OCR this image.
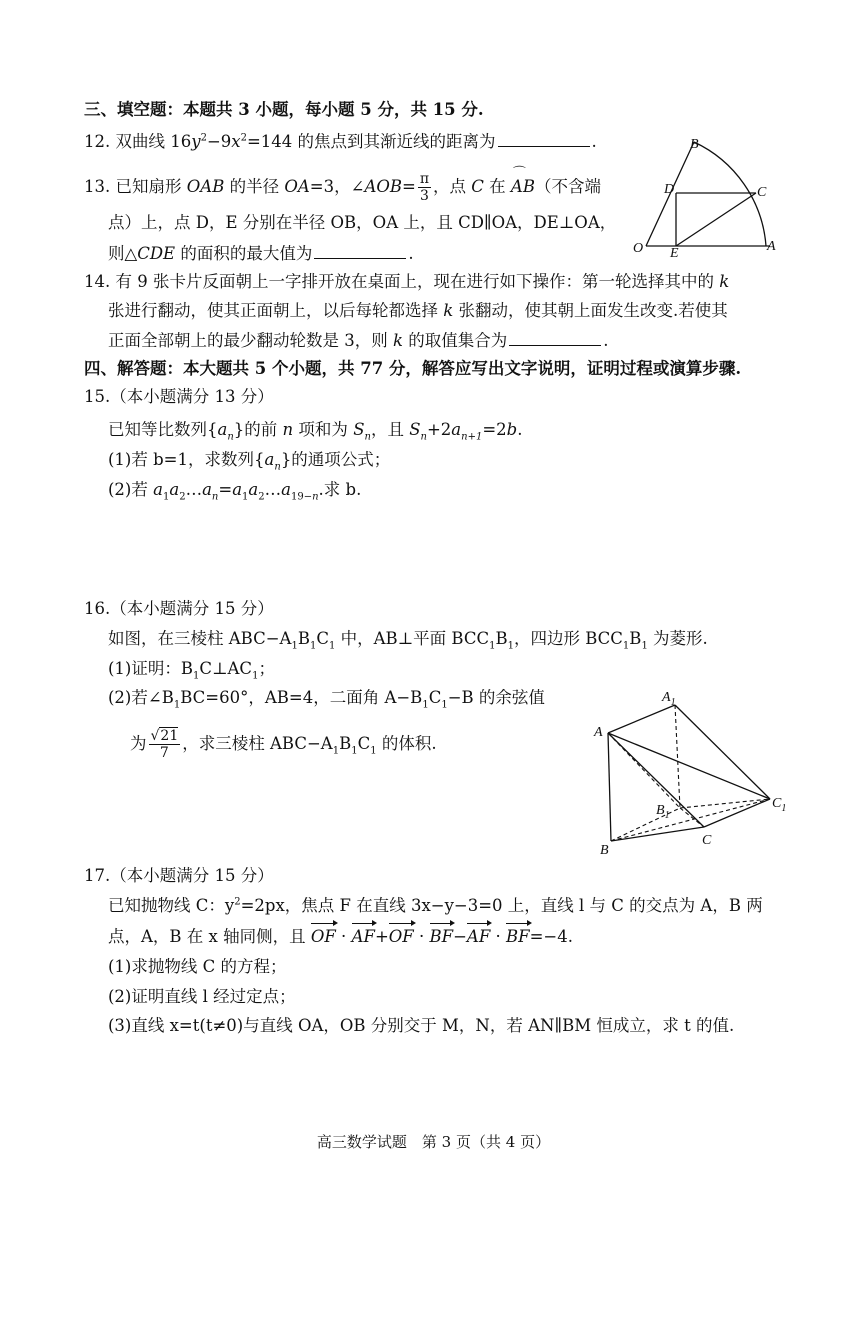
三、填空题：本题共 3 小题，每小题 5 分，共 15 分.
12. 双曲线 $16y^2-9x^2=144$ 的焦点到其渐近线的距离为	.
13. 已知扇形 OAB 的半径 OA=3，∠AOB= $\frac{\pi}{3}$ ，点 C 在 ⌒ AB（不含端
点）上，点 D，E 分别在半径 OB，OA 上，且 CD∥OA，DE⊥OA，
则△CDE 的面积的最大值为	.
B
D	C
O E	A
14. 有 9 张卡片反面朝上一字排开放在桌面上，现在进行如下操作：第一轮选择其中的 k
张进行翻动，使其正面朝上，以后每轮都选择 k 张翻动，使其朝上面发生改变.若使其
正面全部朝上的最少翻动轮数是 3，则 k 的取值集合为	.
四、解答题：本大题共 5 个小题，共 77 分，解答应写出文字说明，证明过程或演算步骤.
15.（本小题满分 13 分）
已知等比数列$\{a_n\}$的前 n 项和为 $S_n$，且 $S_n+2a_{n+1}=2b$.
(1)若 b=1，求数列$\{a_n\}$的通项公式；
(2)若 $a_1a_2\dots a_n=a_1a_2\dots a_{19-n}$.求 b.
16.（本小题满分 15 分）
如图，在三棱柱 $ABC-A_1B_1C_1$ 中，AB⊥平面 $BCC_1B_1$，四边形 $BCC_1B_1$ 为菱形.
(1)证明：$B_1C\perp AC_1$；
(2)若$\angle B_1BC=60^\circ$，AB=4，二面角 $A-B_1C_1-B$ 的余弦值
为 $\frac{√21}{7}$ ，求三棱柱 $ABC-A_1B_1C_1$ 的体积.
$A_1$
A
$B_1$
$C_1$
B
C
17.（本小题满分 15 分）
已知抛物线 C：$y^2=2px$，焦点 F 在直线 3x−y−3=0 上，直线 l 与 C 的交点为 A，B 两
点，A，B 在 x 轴同侧，且 OF · AF+OF · BF−AF · BF=−4.
(1)求抛物线 C 的方程；
(2)证明直线 l 经过定点；
(3)直线 x=t(t≠0)与直线 OA，OB 分别交于 M，N，若 AN∥BM 恒成立，求 t 的值.
高三数学试题　第 3 页（共 4 页）
